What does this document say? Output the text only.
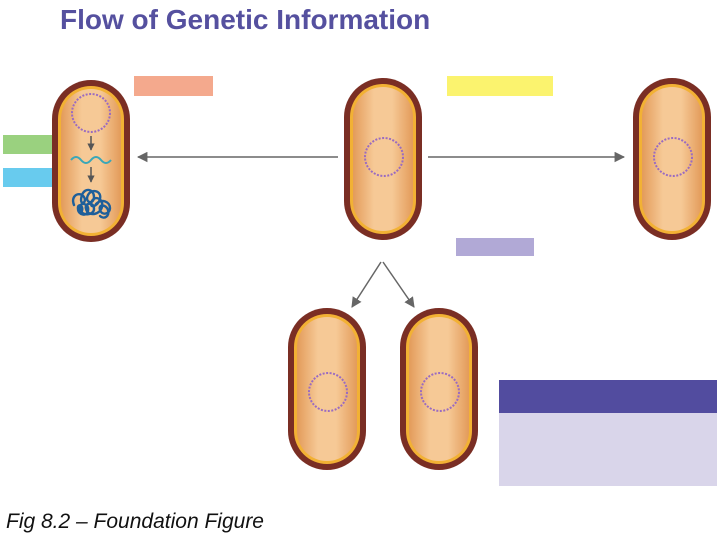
Flow of Genetic Information
Fig 8.2 – Foundation Figure
